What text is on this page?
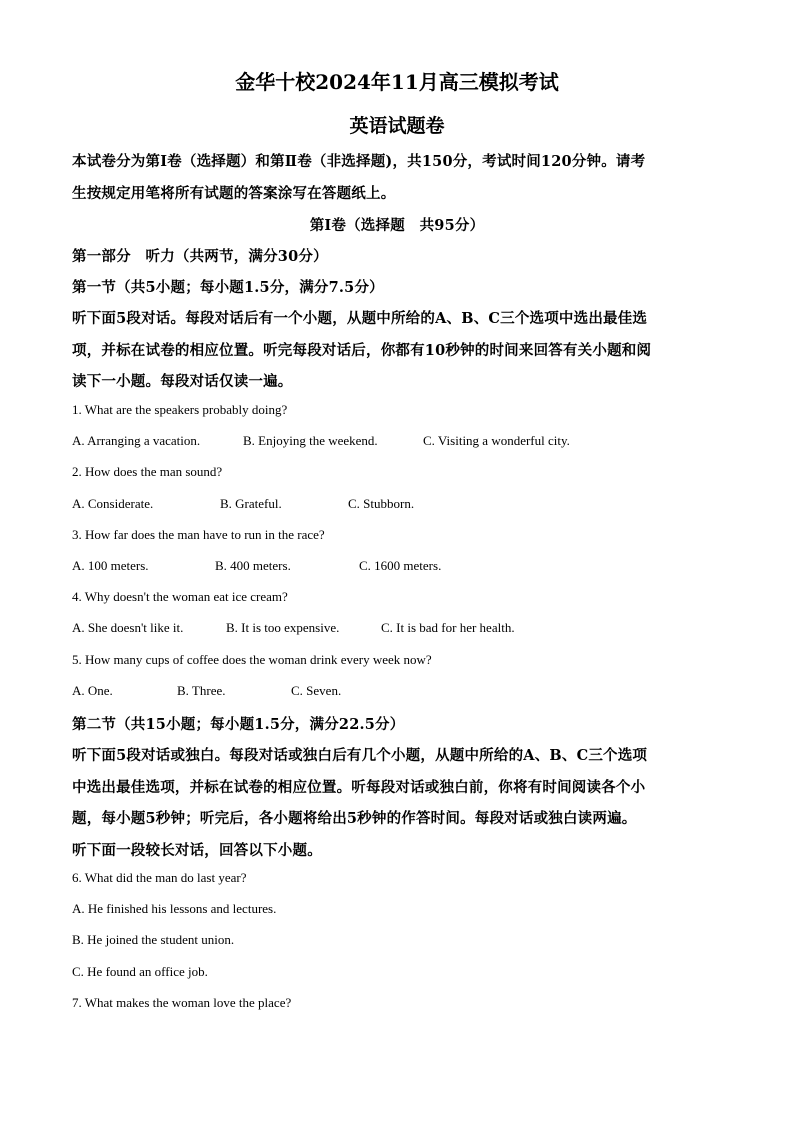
金华十校2024年11月高三模拟考试
英语试题卷
本试卷分为第Ⅰ卷（选择题）和第Ⅱ卷（非选择题)，共150分，考试时间120分钟。请考
生按规定用笔将所有试题的答案涂写在答题纸上。
第Ⅰ卷（选择题　共95分）
第一部分　听力（共两节，满分30分）
第一节（共5小题；每小题1.5分，满分7.5分）
听下面5段对话。每段对话后有一个小题，从题中所给的A、B、C三个选项中选出最佳选
项，并标在试卷的相应位置。听完每段对话后，你都有10秒钟的时间来回答有关小题和阅
读下一小题。每段对话仅读一遍。
1. What are the speakers probably doing?
A. Arranging a vacation.	B. Enjoying the weekend.	C. Visiting a wonderful city.
2. How does the man sound?
A. Considerate.	B. Grateful.	C. Stubborn.
3. How far does the man have to run in the race?
A. 100 meters.	B. 400 meters.	C. 1600 meters.
4. Why doesn't the woman eat ice cream?
A. She doesn't like it.	B. It is too expensive.	C. It is bad for her health.
5. How many cups of coffee does the woman drink every week now?
A. One.	B. Three.	C. Seven.
第二节（共15小题；每小题1.5分，满分22.5分）
听下面5段对话或独白。每段对话或独白后有几个小题，从题中所给的A、B、C三个选项
中选出最佳选项，并标在试卷的相应位置。听每段对话或独白前，你将有时间阅读各个小
题，每小题5秒钟；听完后，各小题将给出5秒钟的作答时间。每段对话或独白读两遍。
听下面一段较长对话，回答以下小题。
6. What did the man do last year?
A. He finished his lessons and lectures.
B. He joined the student union.
C. He found an office job.
7. What makes the woman love the place?
